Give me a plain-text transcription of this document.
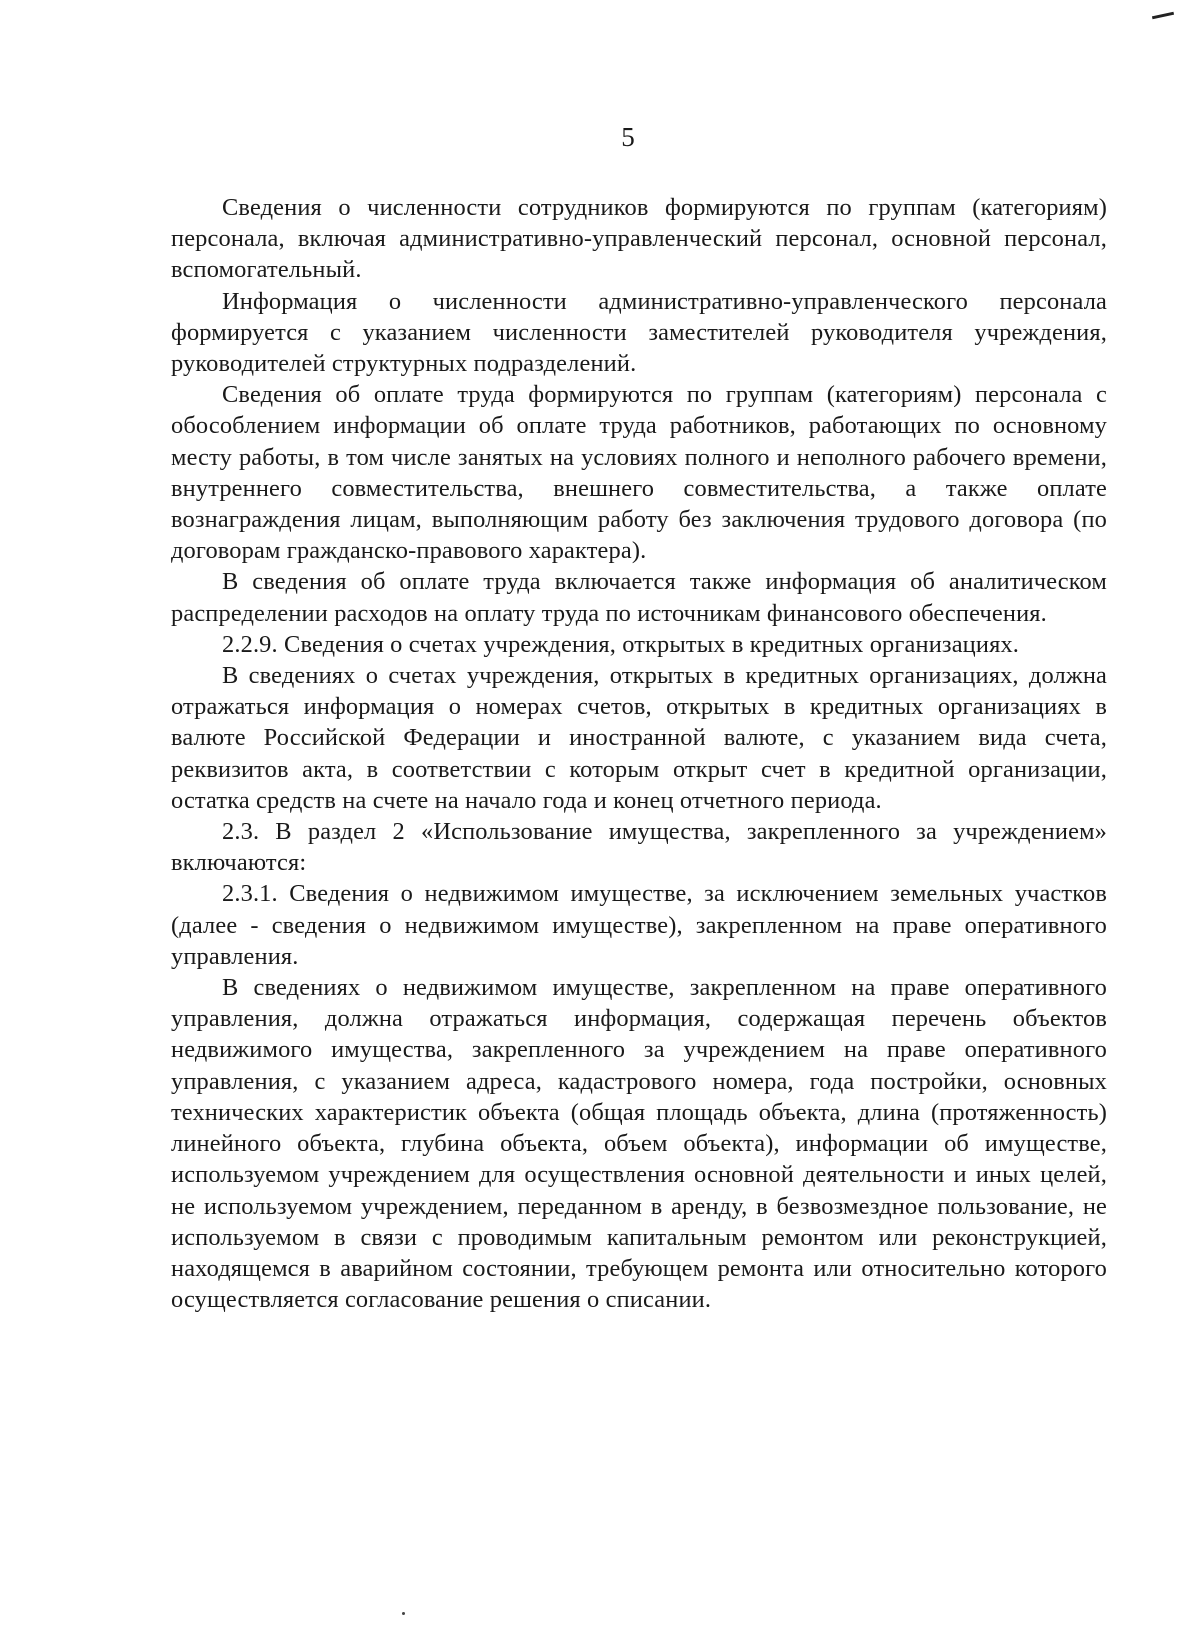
5

Сведения о численности сотрудников формируются по группам (категориям) персонала, включая административно-управленческий персонал, основной персонал, вспомогательный.

Информация о численности административно-управленческого персонала формируется с указанием численности заместителей руководителя учреждения, руководителей структурных подразделений.

Сведения об оплате труда формируются по группам (категориям) персонала с обособлением информации об оплате труда работников, работающих по основному месту работы, в том числе занятых на условиях полного и неполного рабочего времени, внутреннего совместительства, внешнего совместительства, а также оплате вознаграждения лицам, выполняющим работу без заключения трудового договора (по договорам гражданско-правового характера).

В сведения об оплате труда включается также информация об аналитическом распределении расходов на оплату труда по источникам финансового обеспечения.

2.2.9. Сведения о счетах учреждения, открытых в кредитных организациях.

В сведениях о счетах учреждения, открытых в кредитных организациях, должна отражаться информация о номерах счетов, открытых в кредитных организациях в валюте Российской Федерации и иностранной валюте, с указанием вида счета, реквизитов акта, в соответствии с которым открыт счет в кредитной организации, остатка средств на счете на начало года и конец отчетного периода.

2.3. В раздел 2 «Использование имущества, закрепленного за учреждением» включаются:

2.3.1. Сведения о недвижимом имуществе, за исключением земельных участков (далее - сведения о недвижимом имуществе), закрепленном на праве оперативного управления.

В сведениях о недвижимом имуществе, закрепленном на праве оперативного управления, должна отражаться информация, содержащая перечень объектов недвижимого имущества, закрепленного за учреждением на праве оперативного управления, с указанием адреса, кадастрового номера, года постройки, основных технических характеристик объекта (общая площадь объекта, длина (протяженность) линейного объекта, глубина объекта, объем объекта), информации об имуществе, используемом учреждением для осуществления основной деятельности и иных целей, не используемом учреждением, переданном в аренду, в безвозмездное пользование, не используемом в связи с проводимым капитальным ремонтом или реконструкцией, находящемся в аварийном состоянии, требующем ремонта или относительно которого осуществляется согласование решения о списании.
